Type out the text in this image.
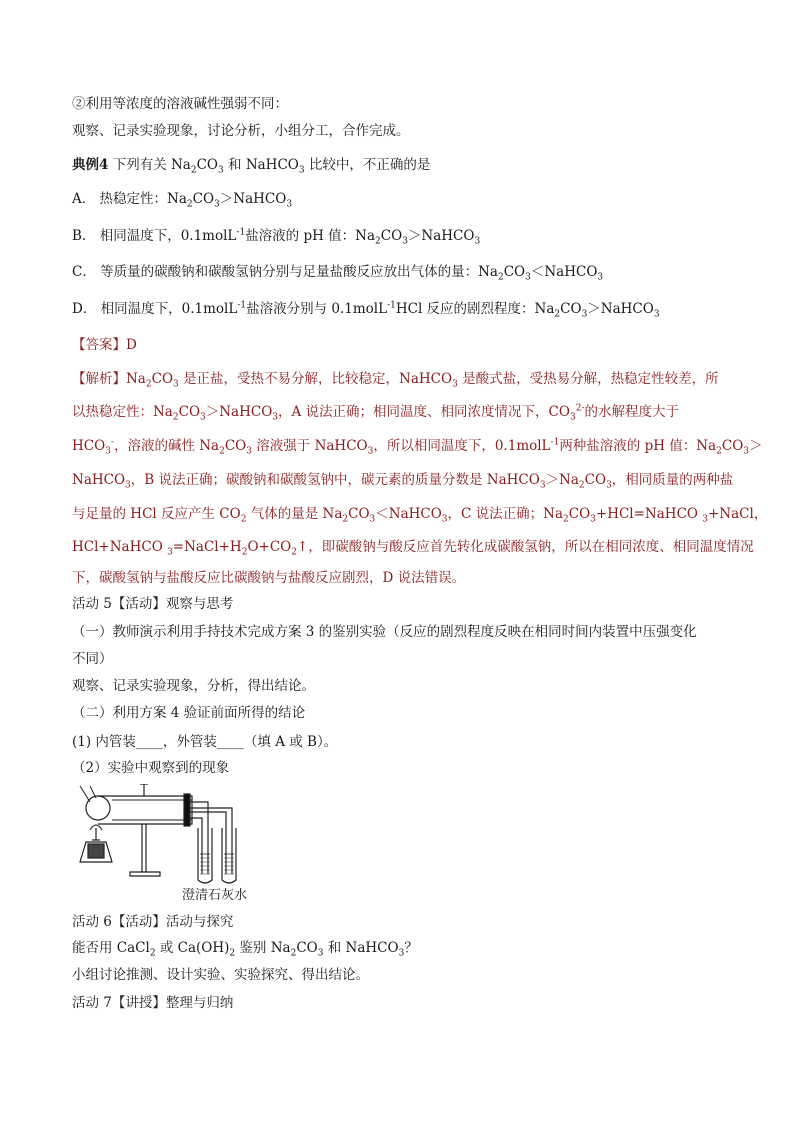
②利用等浓度的溶液碱性强弱不同：
观察、记录实验现象，讨论分析，小组分工，合作完成。
典例4 下列有关 $Na_2CO_3$ 和 NaHCO$_3$ 比较中，不正确的是
A． 热稳定性：$Na_2CO_3>NaHCO_3$
B． 相同温度下，0.1molL$^{-1}$盐溶液的 pH 值：$Na_2CO_3>NaHCO_3$
C． 等质量的碳酸钠和碳酸氢钠分别与足量盐酸反应放出气体的量：$Na_2CO_3<NaHCO_3$
D． 相同温度下，0.1molL$^{-1}$盐溶液分别与 0.1molL$^{-1}$HCl 反应的剧烈程度：$Na_2CO_3>NaHCO_3$
【答案】D
【解析】$Na_2CO_3$ 是正盐，受热不易分解，比较稳定，NaHCO$_3$ 是酸式盐，受热易分解，热稳定性较差，所
以热稳定性：$Na_2CO_3>NaHCO_3$，A 说法正确；相同温度、相同浓度情况下，$CO_3^{2-}$的水解程度大于
$HCO_3^-$，溶液的碱性 $Na_2CO_3$ 溶液强于 NaHCO$_3$，所以相同温度下，0.1molL$^{-1}$两种盐溶液的 pH 值：$Na_2CO_3>$
NaHCO$_3$，B 说法正确；碳酸钠和碳酸氢钠中，碳元素的质量分数是 $NaHCO_3>Na_2CO_3$，相同质量的两种盐
与足量的 HCl 反应产生 $CO_2$ 气体的量是 $Na_2CO_3<NaHCO_3$，C 说法正确；$Na_2CO_3+HCl=NaHCO$ $_3$+NaCl，
HCl+NaHCO $_3=NaCl+H_2O+CO_2↑$，即碳酸钠与酸反应首先转化成碳酸氢钠，所以在相同浓度、相同温度情况
下，碳酸氢钠与盐酸反应比碳酸钠与盐酸反应剧烈，D 说法错误。
活动 5【活动】观察与思考
（一）教师演示利用手持技术完成方案 3 的鉴别实验（反应的剧烈程度反映在相同时间内装置中压强变化
不同）
观察、记录实验现象，分析，得出结论。
（二）利用方案 4 验证前面所得的结论
(1) 内管装____，外管装____（填 A 或 B）。
（2）实验中观察到的现象
澄清石灰水
活动 6【活动】活动与探究
能否用 CaCl$_2$ 或 $Ca(OH)_2$ 鉴别 $Na_2CO_3$ 和 NaHCO$_3$？
小组讨论推测、设计实验、实验探究、得出结论。
活动 7【讲授】整理与归纳
